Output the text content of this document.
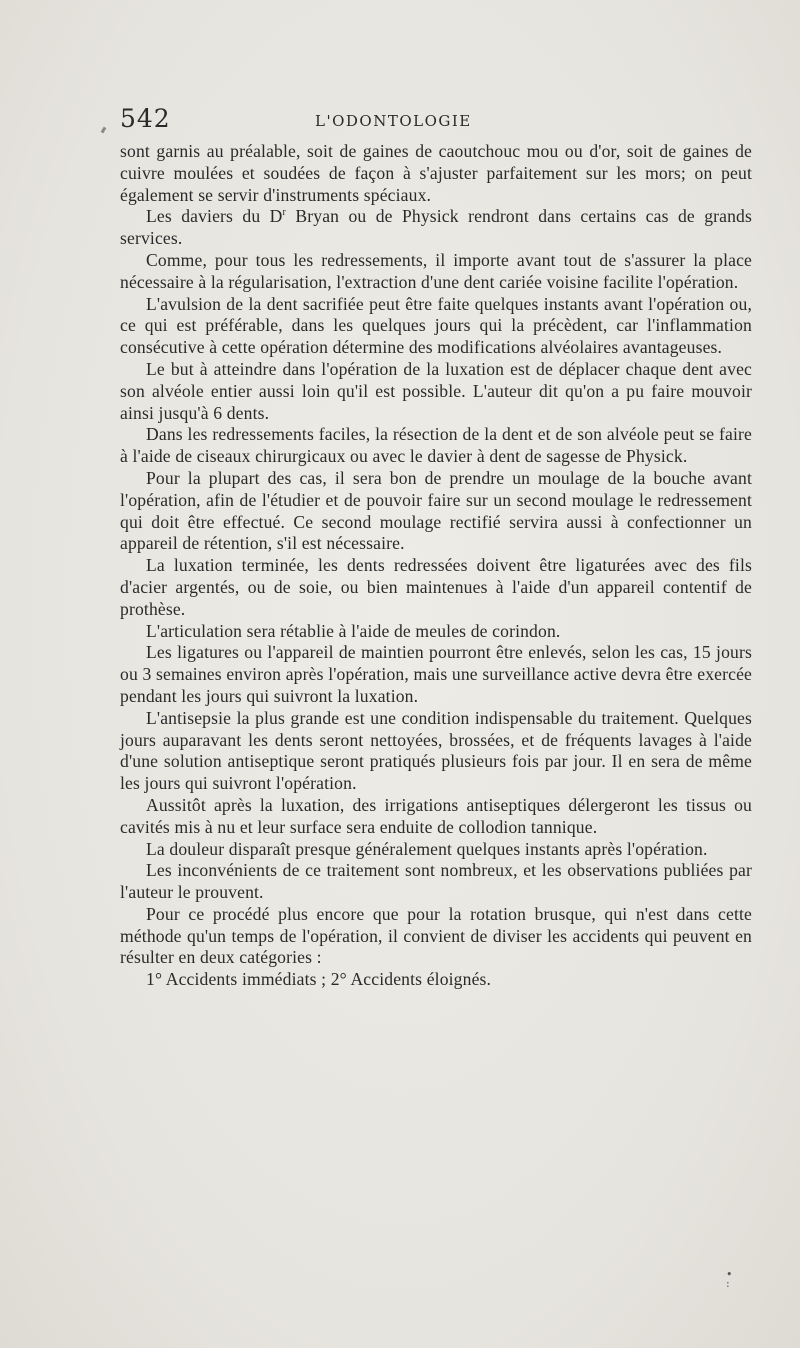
542	L'ODONTOLOGIE

sont garnis au préalable, soit de gaines de caoutchouc mou ou d'or, soit de gaines de cuivre moulées et soudées de façon à s'ajuster parfaitement sur les mors; on peut également se servir d'instruments spéciaux.

Les daviers du $D^r$ Bryan ou de Physick rendront dans certains cas de grands services.

Comme, pour tous les redressements, il importe avant tout de s'assurer la place nécessaire à la régularisation, l'extraction d'une dent cariée voisine facilite l'opération.

L'avulsion de la dent sacrifiée peut être faite quelques instants avant l'opération ou, ce qui est préférable, dans les quelques jours qui la précèdent, car l'inflammation consécutive à cette opération détermine des modifications alvéolaires avantageuses.

Le but à atteindre dans l'opération de la luxation est de déplacer chaque dent avec son alvéole entier aussi loin qu'il est possible. L'auteur dit qu'on a pu faire mouvoir ainsi jusqu'à 6 dents.

Dans les redressements faciles, la résection de la dent et de son alvéole peut se faire à l'aide de ciseaux chirurgicaux ou avec le davier à dent de sagesse de Physick.

Pour la plupart des cas, il sera bon de prendre un moulage de la bouche avant l'opération, afin de l'étudier et de pouvoir faire sur un second moulage le redressement qui doit être effectué. Ce second moulage rectifié servira aussi à confectionner un appareil de rétention, s'il est nécessaire.

La luxation terminée, les dents redressées doivent être ligaturées avec des fils d'acier argentés, ou de soie, ou bien maintenues à l'aide d'un appareil contentif de prothèse.

L'articulation sera rétablie à l'aide de meules de corindon.

Les ligatures ou l'appareil de maintien pourront être enlevés, selon les cas, 15 jours ou 3 semaines environ après l'opération, mais une surveillance active devra être exercée pendant les jours qui suivront la luxation.

L'antisepsie la plus grande est une condition indispensable du traitement. Quelques jours auparavant les dents seront nettoyées, brossées, et de fréquents lavages à l'aide d'une solution antiseptique seront pratiqués plusieurs fois par jour. Il en sera de même les jours qui suivront l'opération.

Aussitôt après la luxation, des irrigations antiseptiques délergeront les tissus ou cavités mis à nu et leur surface sera enduite de collodion tannique.

La douleur disparaît presque généralement quelques instants après l'opération.

Les inconvénients de ce traitement sont nombreux, et les observations publiées par l'auteur le prouvent.

Pour ce procédé plus encore que pour la rotation brusque, qui n'est dans cette méthode qu'un temps de l'opération, il convient de diviser les accidents qui peuvent en résulter en deux catégories :

1° Accidents immédiats ; 2° Accidents éloignés.

•
:
